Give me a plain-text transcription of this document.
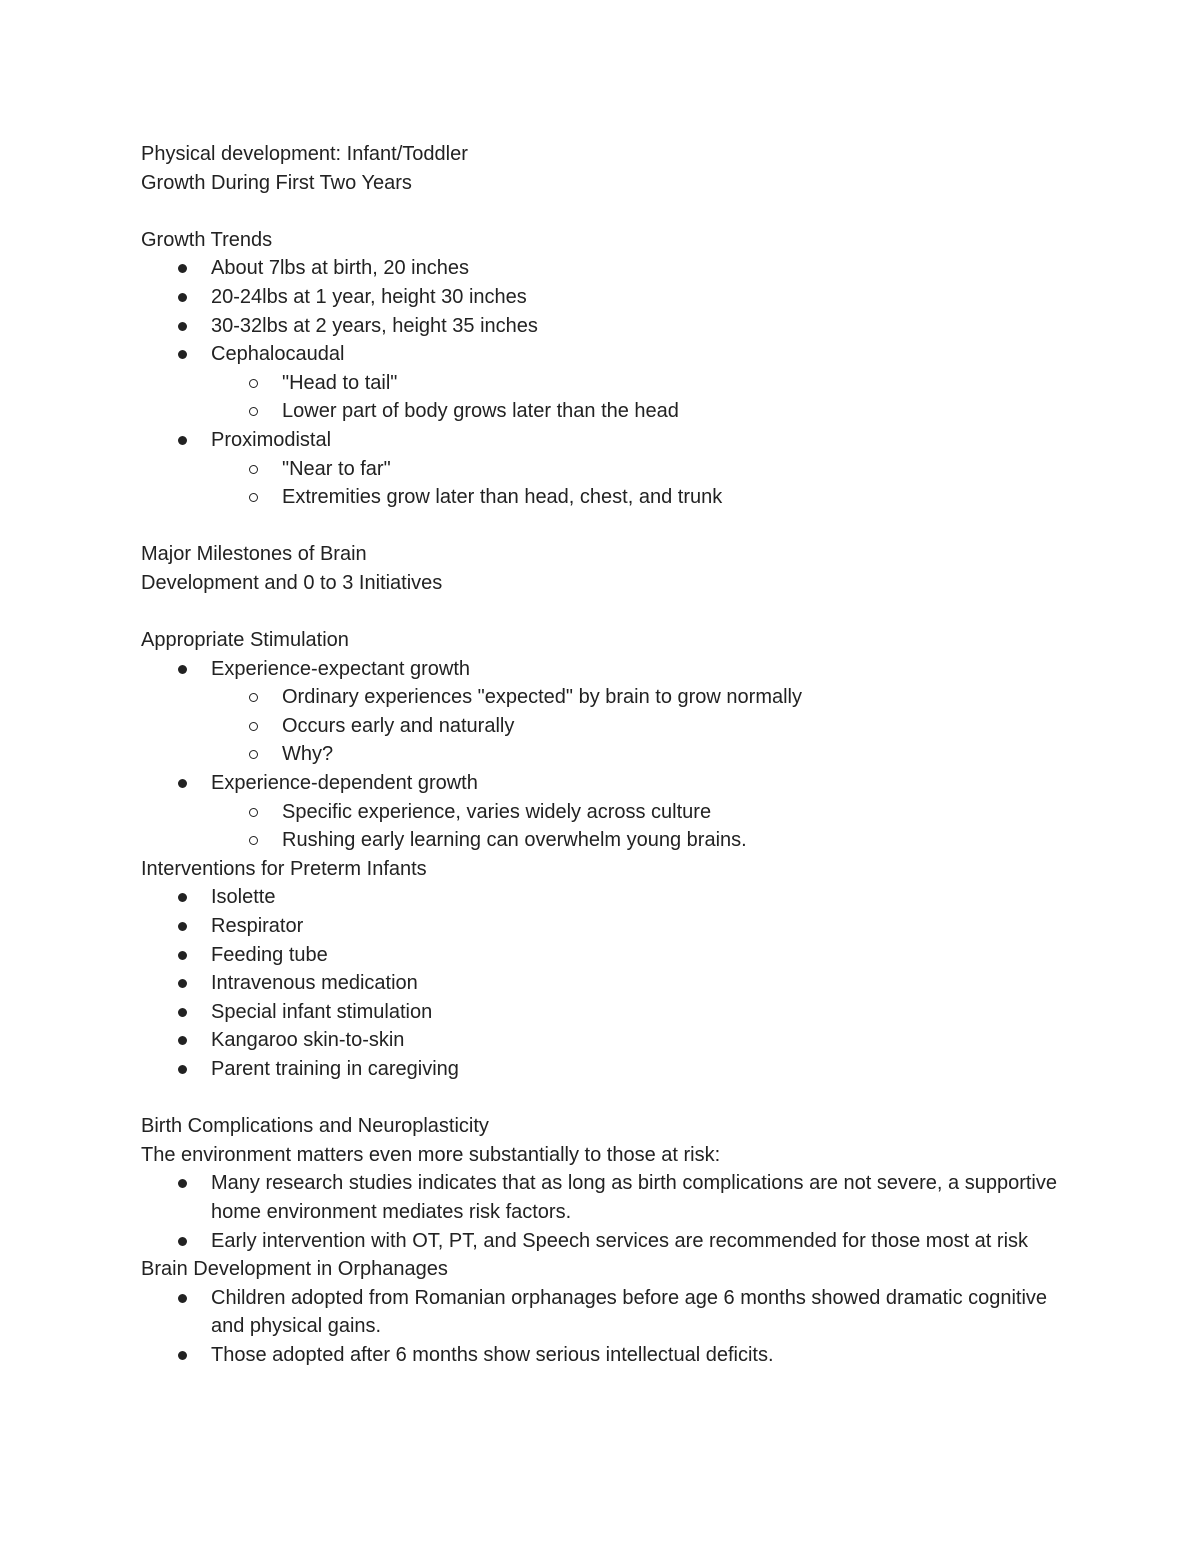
Physical development: Infant/Toddler

Growth During First Two Years

Growth Trends

About 7lbs at birth, 20 inches
20-24lbs at 1 year, height 30 inches
30-32lbs at 2 years, height 35 inches
Cephalocaudal
"Head to tail"
Lower part of body grows later than the head
Proximodistal
"Near to far"
Extremities grow later than head, chest, and trunk

Major Milestones of Brain

Development and 0 to 3 Initiatives

Appropriate Stimulation

Experience-expectant growth
Ordinary experiences "expected" by brain to grow normally
Occurs early and naturally
Why?
Experience-dependent growth
Specific experience, varies widely across culture
Rushing early learning can overwhelm young brains.

Interventions for Preterm Infants

Isolette
Respirator
Feeding tube
Intravenous medication
Special infant stimulation
Kangaroo skin-to-skin
Parent training in caregiving

Birth Complications and Neuroplasticity

The environment matters even more substantially to those at risk:

Many research studies indicates that as long as birth complications are not severe, a supportive home environment mediates risk factors.
Early intervention with OT, PT, and Speech services are recommended for those most at risk

Brain Development in Orphanages

Children adopted from Romanian orphanages before age 6 months showed dramatic cognitive and physical gains.
Those adopted after 6 months show serious intellectual deficits.
